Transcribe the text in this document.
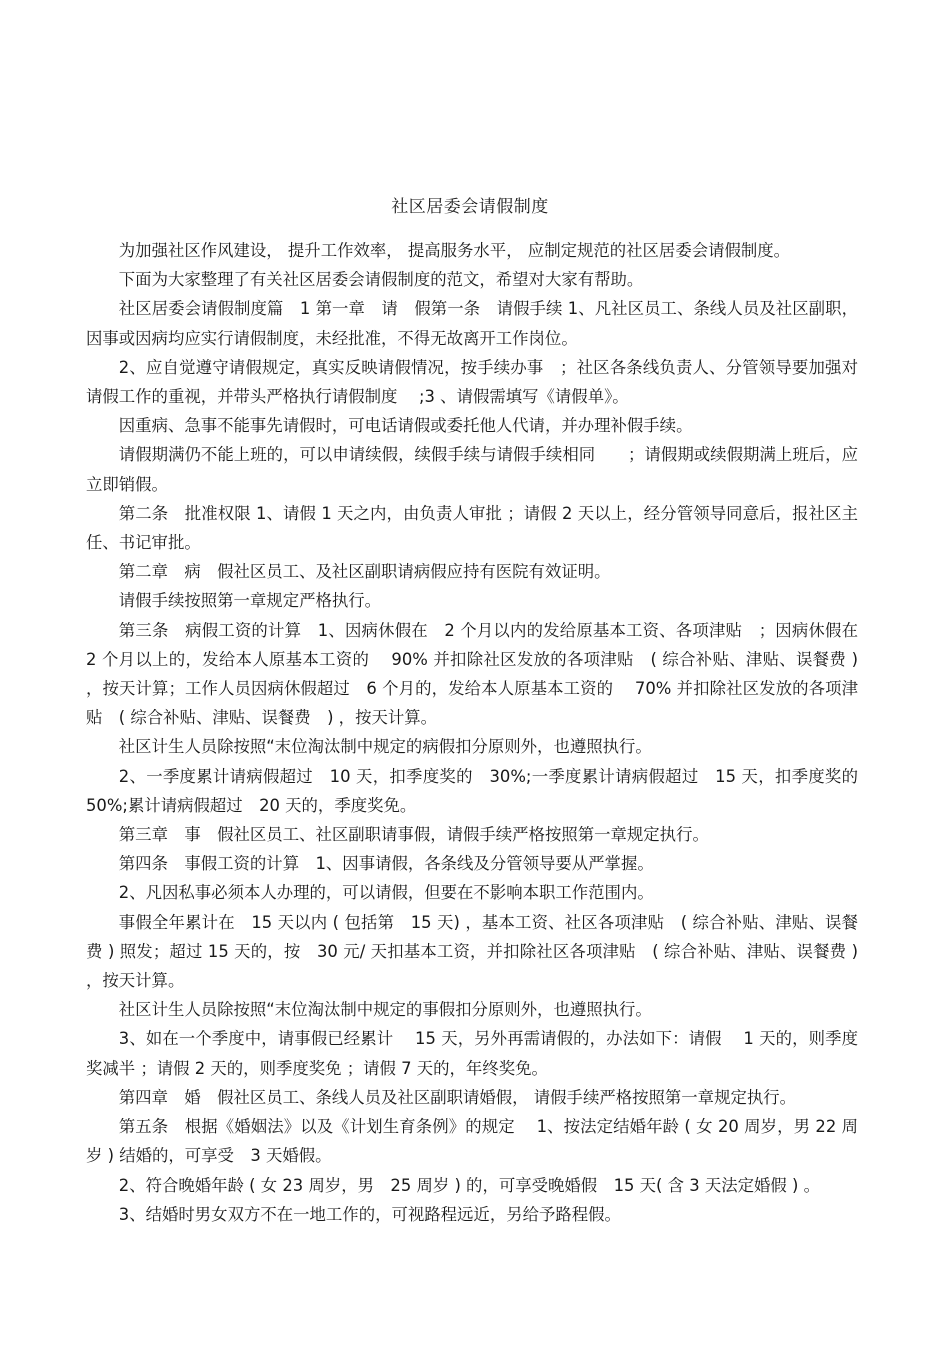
社区居委会请假制度

为加强社区作风建设， 提升工作效率， 提高服务水平， 应制定规范的社区居委会请假制度。

下面为大家整理了有关社区居委会请假制度的范文，希望对大家有帮助。

社区居委会请假制度篇　1 第一章　请　假第一条　请假手续 1、凡社区员工、条线人员及社区副职，因事或因病均应实行请假制度，未经批准，不得无故离开工作岗位。

2、应自觉遵守请假规定，真实反映请假情况，按手续办事　；社区各条线负责人、分管领导要加强对请假工作的重视，并带头严格执行请假制度　 ;3 、请假需填写《请假单》。

因重病、急事不能事先请假时，可电话请假或委托他人代请，并办理补假手续。

请假期满仍不能上班的，可以申请续假，续假手续与请假手续相同　　；请假期或续假期满上班后，应立即销假。

第二条　批准权限 1、请假 1 天之内，由负责人审批 ；请假 2 天以上，经分管领导同意后，报社区主任、书记审批。

第二章　病　假社区员工、及社区副职请病假应持有医院有效证明。

请假手续按照第一章规定严格执行。

第三条　病假工资的计算　1、因病休假在　2 个月以内的发给原基本工资、各项津贴　；因病休假在　2 个月以上的，发给本人原基本工资的　 90% 并扣除社区发放的各项津贴　( 综合补贴、津贴、误餐费 ) ，按天计算；工作人员因病休假超过　6 个月的，发给本人原基本工资的　 70% 并扣除社区发放的各项津贴　( 综合补贴、津贴、误餐费　) ，按天计算。

社区计生人员除按照“末位淘汰制中规定的病假扣分原则外，也遵照执行。

2、一季度累计请病假超过　10 天，扣季度奖的　30%;一季度累计请病假超过　15 天，扣季度奖的 50%;累计请病假超过　20 天的，季度奖免。

第三章　事　假社区员工、社区副职请事假，请假手续严格按照第一章规定执行。

第四条　事假工资的计算　1、因事请假，各条线及分管领导要从严掌握。

2、凡因私事必须本人办理的，可以请假，但要在不影响本职工作范围内。

事假全年累计在　15 天以内 ( 包括第　15 天) ，基本工资、社区各项津贴　( 综合补贴、津贴、误餐费 ) 照发；超过 15 天的，按　30 元/ 天扣基本工资，并扣除社区各项津贴　( 综合补贴、津贴、误餐费 ) ，按天计算。

社区计生人员除按照“末位淘汰制中规定的事假扣分原则外，也遵照执行。

3、如在一个季度中，请事假已经累计　 15 天，另外再需请假的，办法如下：请假　 1 天的，则季度奖减半 ；请假 2 天的，则季度奖免 ；请假 7 天的，年终奖免。

第四章　婚　假社区员工、条线人员及社区副职请婚假， 请假手续严格按照第一章规定执行。

第五条　根据《婚姻法》以及《计划生育条例》的规定　 1、按法定结婚年龄 ( 女 20 周岁，男 22 周岁 ) 结婚的，可享受　3 天婚假。

2、符合晚婚年龄 ( 女 23 周岁，男　25 周岁 ) 的，可享受晚婚假　15 天( 含 3 天法定婚假 ) 。

3、结婚时男女双方不在一地工作的，可视路程远近，另给予路程假。
